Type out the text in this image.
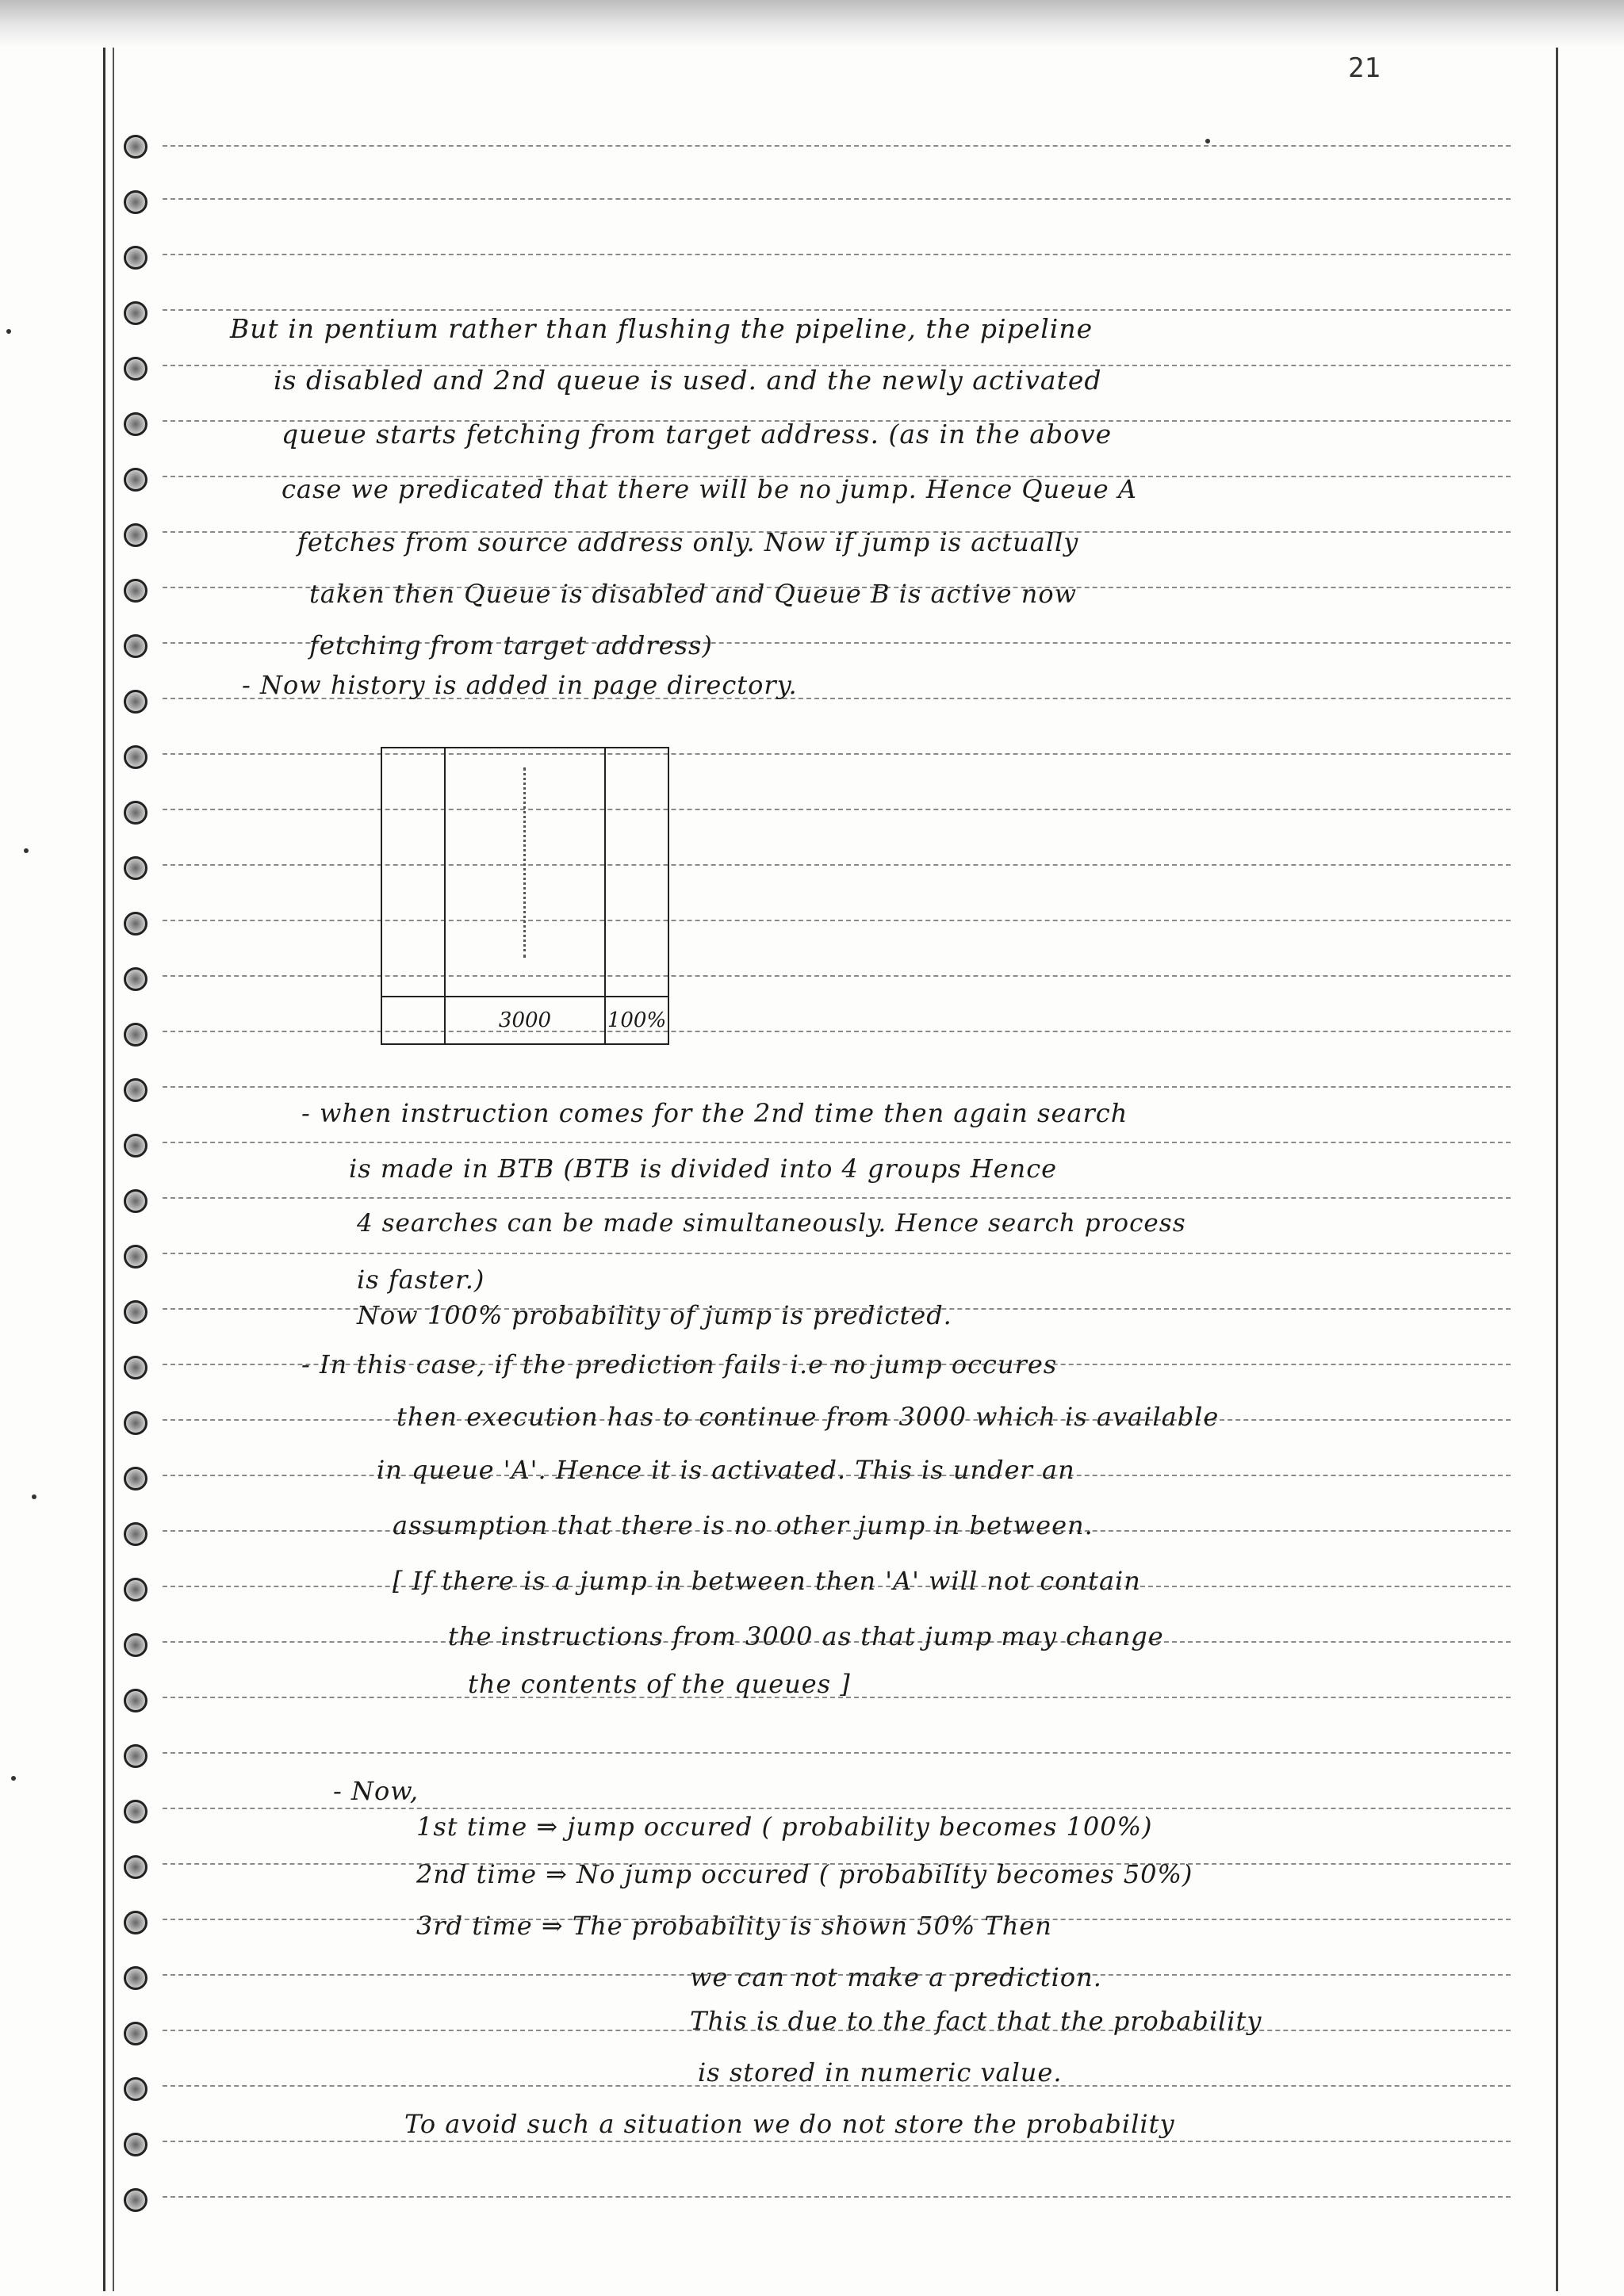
21
But in pentium rather than flushing the pipeline, the pipeline
is disabled and 2nd queue is used. and the newly activated
queue starts fetching from target address. (as in the above
case we predicated that there will be no jump. Hence Queue A
fetches from source address only. Now if jump is actually
taken then Queue is disabled and Queue B is active now
fetching from target address)
- Now history is added in page directory.

	3000	100%
- when instruction comes for the 2nd time then again search
is made in BTB (BTB is divided into 4 groups Hence
4 searches can be made simultaneously. Hence search process
is faster.)
Now 100% probability of jump is predicted.
- In this case, if the prediction fails i.e no jump occures
then execution has to continue from 3000 which is available
in queue 'A'. Hence it is activated. This is under an
assumption that there is no other jump in between.
[ If there is a jump in between then 'A' will not contain
the instructions from 3000 as that jump may change
the contents of the queues ]
- Now,
1st time ⇒ jump occured ( probability becomes 100%)
2nd time ⇒ No jump occured ( probability becomes 50%)
3rd time ⇒ The probability is shown 50% Then
we can not make a prediction.
This is due to the fact that the probability
is stored in numeric value.
To avoid such a situation we do not store the probability
